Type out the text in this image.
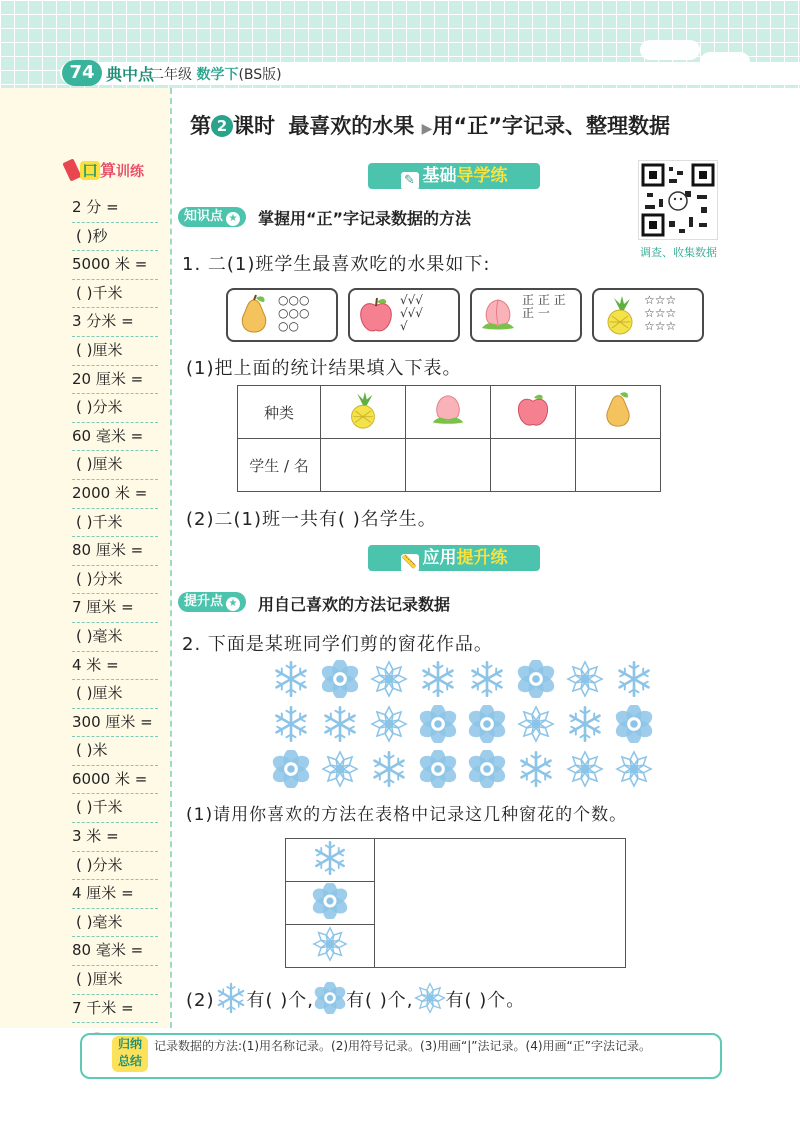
74 典中点
二年级 数学下(BS版)
口 算训练
2 分 =
( )秒
5000 米 =
( )千米
3 分米 =
( )厘米
20 厘米 =
( )分米
60 毫米 =
( )厘米
2000 米 =
( )千米
80 厘米 =
( )分米
7 厘米 =
( )毫米
4 米 =
( )厘米
300 厘米 =
( )米
6000 米 =
( )千米
3 米 =
( )分米
4 厘米 =
( )毫米
80 毫米 =
( )厘米
7 千米 =
第 2 课时 最喜欢的水果 ▶用“正”字记录、整理数据
✎ 基础导学练
调查、收集数据
知识点 ★	掌握用“正”字记录数据的方法
1. 二(1)班学生最喜欢吃的水果如下:
○○○
○○○
○○
√√√
√√√
√
正 正 正
正 一
☆☆☆
☆☆☆
☆☆☆
(1)把上面的统计结果填入下表。
种类				
学生 / 名				
(2)二(1)班一共有( )名学生。
📏 应用提升练
提升点 ★	用自己喜欢的方法记录数据
2. 下面是某班同学们剪的窗花作品。
(1)请用你喜欢的方法在表格中记录这几种窗花的个数。

(2) 有( )个, 有( )个, 有( )个。
归纳
总结
记录数据的方法:(1)用名称记录。(2)用符号记录。(3)用画“|”法记录。(4)用画“正”字法记录。
